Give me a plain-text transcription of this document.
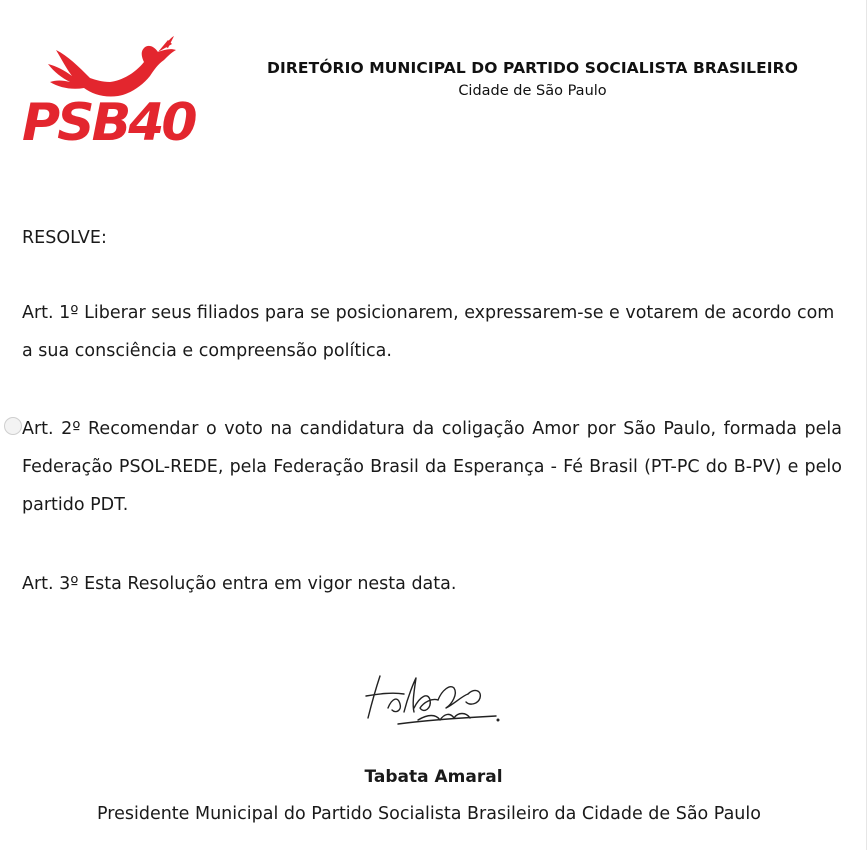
PSB40
DIRETÓRIO MUNICIPAL DO PARTIDO SOCIALISTA BRASILEIRO
Cidade de São Paulo

RESOLVE:

Art. 1º Liberar seus filiados para se posicionarem, expressarem-se e votarem de acordo com a sua consciência e compreensão política.

Art. 2º Recomendar o voto na candidatura da coligação Amor por São Paulo, formada pela Federação PSOL-REDE, pela Federação Brasil da Esperança - Fé Brasil (PT-PC do B-PV) e pelo partido PDT.

Art. 3º Esta Resolução entra em vigor nesta data.

Tabata Amaral
Presidente Municipal do Partido Socialista Brasileiro da Cidade de São Paulo
